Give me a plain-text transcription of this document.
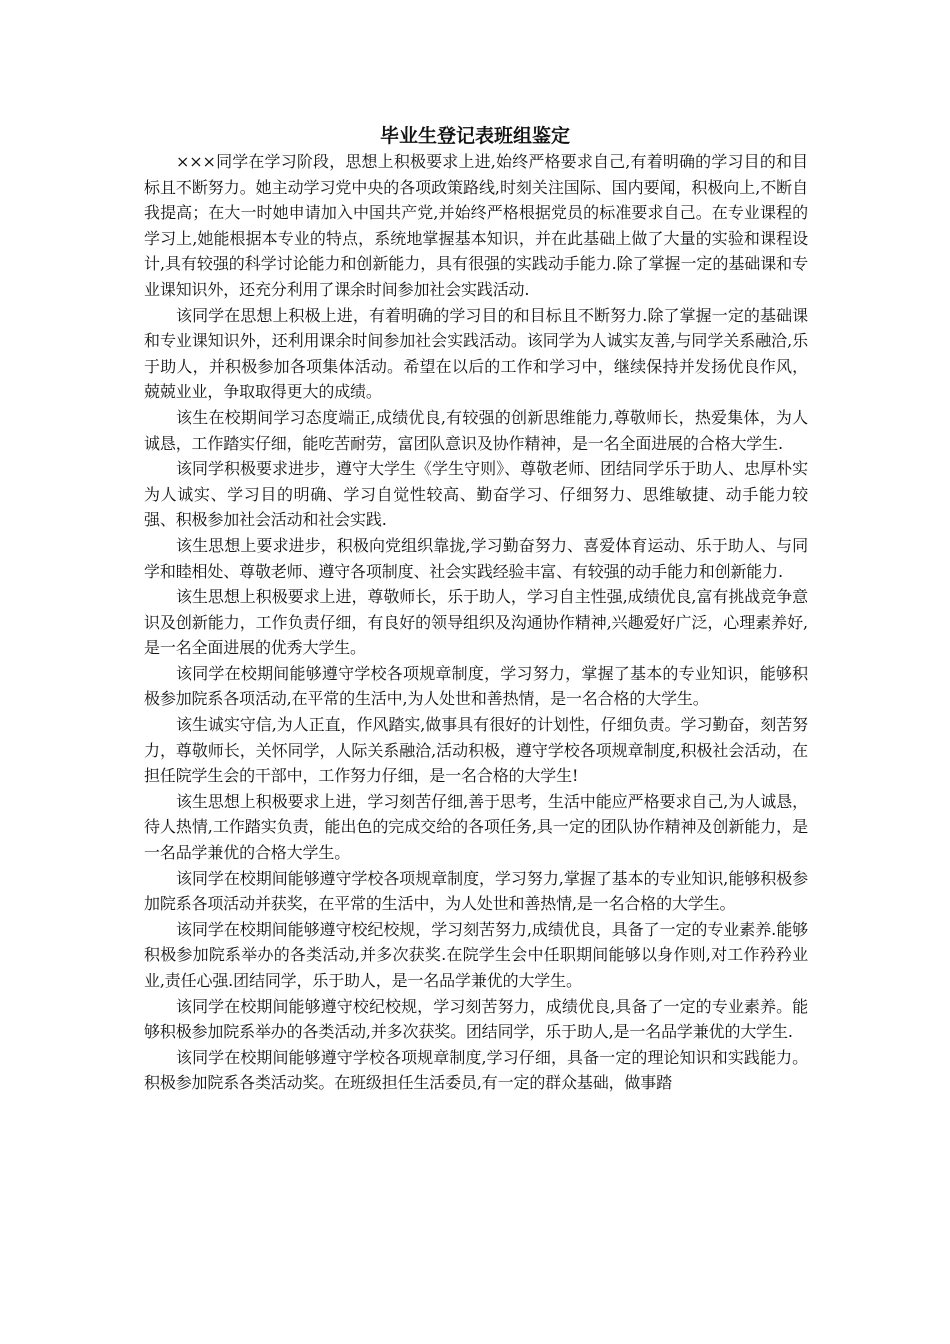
毕业生登记表班组鉴定

×××同学在学习阶段，思想上积极要求上进,始终严格要求自己,有着明确的学习目的和目标且不断努力。她主动学习党中央的各项政策路线,时刻关注国际、国内要闻，积极向上,不断自我提高；在大一时她申请加入中国共产党,并始终严格根据党员的标准要求自己。在专业课程的学习上,她能根据本专业的特点，系统地掌握基本知识，并在此基础上做了大量的实验和课程设计,具有较强的科学讨论能力和创新能力，具有很强的实践动手能力.除了掌握一定的基础课和专业课知识外，还充分利用了课余时间参加社会实践活动.

该同学在思想上积极上进，有着明确的学习目的和目标且不断努力.除了掌握一定的基础课和专业课知识外，还利用课余时间参加社会实践活动。该同学为人诚实友善,与同学关系融洽,乐于助人，并积极参加各项集体活动。希望在以后的工作和学习中，继续保持并发扬优良作风，兢兢业业，争取取得更大的成绩。

该生在校期间学习态度端正,成绩优良,有较强的创新思维能力,尊敬师长，热爱集体，为人诚恳，工作踏实仔细，能吃苦耐劳，富团队意识及协作精神，是一名全面进展的合格大学生.

该同学积极要求进步，遵守大学生《学生守则》、尊敬老师、团结同学乐于助人、忠厚朴实为人诚实、学习目的明确、学习自觉性较高、勤奋学习、仔细努力、思维敏捷、动手能力较强、积极参加社会活动和社会实践.

该生思想上要求进步，积极向党组织靠拢,学习勤奋努力、喜爱体育运动、乐于助人、与同学和睦相处、尊敬老师、遵守各项制度、社会实践经验丰富、有较强的动手能力和创新能力.

该生思想上积极要求上进，尊敬师长，乐于助人，学习自主性强,成绩优良,富有挑战竞争意识及创新能力，工作负责仔细，有良好的领导组织及沟通协作精神,兴趣爱好广泛，心理素养好,是一名全面进展的优秀大学生。

该同学在校期间能够遵守学校各项规章制度，学习努力，掌握了基本的专业知识，能够积极参加院系各项活动,在平常的生活中,为人处世和善热情，是一名合格的大学生。

该生诚实守信,为人正直，作风踏实,做事具有很好的计划性，仔细负责。学习勤奋，刻苦努力，尊敬师长，关怀同学，人际关系融洽,活动积极，遵守学校各项规章制度,积极社会活动，在担任院学生会的干部中，工作努力仔细，是一名合格的大学生!

该生思想上积极要求上进，学习刻苦仔细,善于思考，生活中能应严格要求自己,为人诚恳，待人热情,工作踏实负责，能出色的完成交给的各项任务,具一定的团队协作精神及创新能力，是一名品学兼优的合格大学生。

该同学在校期间能够遵守学校各项规章制度，学习努力,掌握了基本的专业知识,能够积极参加院系各项活动并获奖，在平常的生活中，为人处世和善热情,是一名合格的大学生。

该同学在校期间能够遵守校纪校规，学习刻苦努力,成绩优良，具备了一定的专业素养.能够积极参加院系举办的各类活动,并多次获奖.在院学生会中任职期间能够以身作则,对工作矜矜业业,责任心强.团结同学，乐于助人，是一名品学兼优的大学生。

该同学在校期间能够遵守校纪校规，学习刻苦努力，成绩优良,具备了一定的专业素养。能够积极参加院系举办的各类活动,并多次获奖。团结同学，乐于助人,是一名品学兼优的大学生.

该同学在校期间能够遵守学校各项规章制度,学习仔细，具备一定的理论知识和实践能力。积极参加院系各类活动奖。在班级担任生活委员,有一定的群众基础，做事踏
